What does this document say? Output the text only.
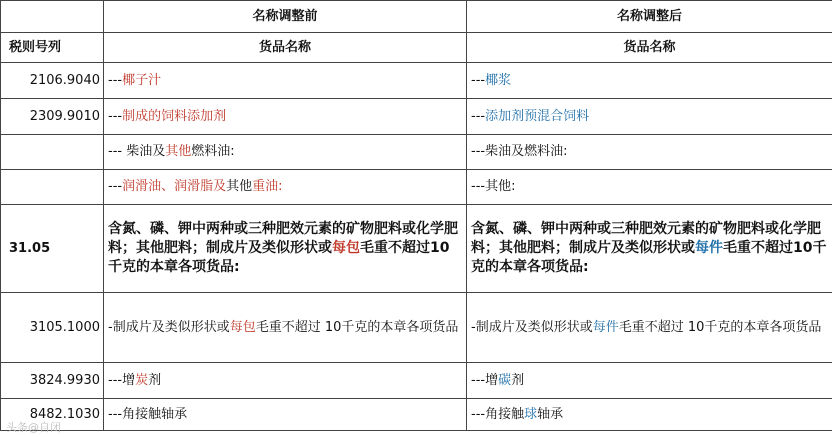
	名称调整前	名称调整后
税则号列	货品名称	货品名称
2106.9040	---椰子汁	---椰浆
2309.9010	---制成的饲料添加剂	---添加剂预混合饲料
	--- 柴油及其他燃料油:	---柴油及燃料油:
	---润滑油、润滑脂及其他重油:	---其他:
31.05	含氮、磷、钾中两种或三种肥效元素的矿物肥料或化学肥料；其他肥料；制成片及类似形状或每包毛重不超过10千克的本章各项货品:	含氮、磷、钾中两种或三种肥效元素的矿物肥料或化学肥料；其他肥料；制成片及类似形状或每件毛重不超过10千克的本章各项货品:
3105.1000	-制成片及类似形状或每包毛重不超过 10千克的本章各项货品	-制成片及类似形状或每件毛重不超过 10千克的本章各项货品
3824.9930	---增炭剂	---增碳剂
8482.1030	---角接触轴承	---角接触球轴承
头条@自闭
